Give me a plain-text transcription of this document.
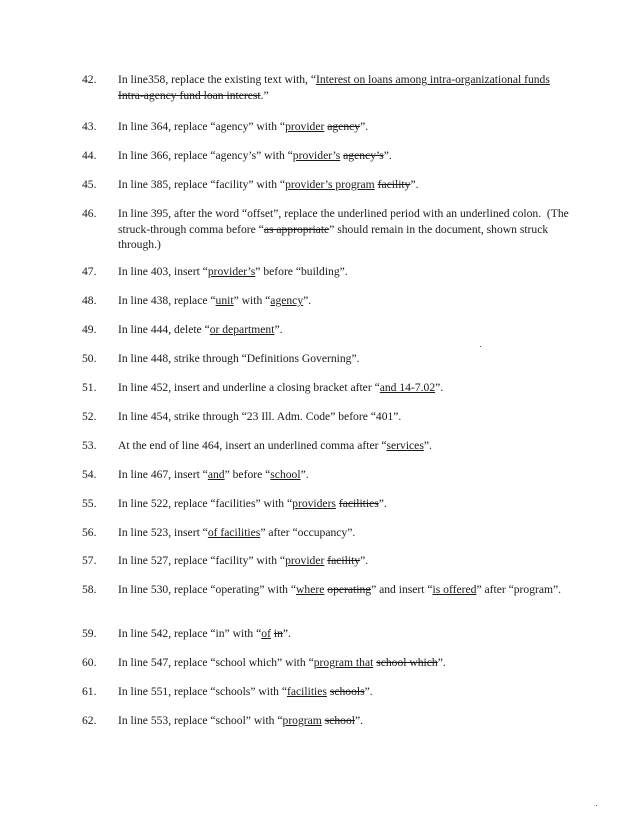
42.	In line358, replace the existing text with, “Interest on loans among intra-organizational funds Intra-agency fund loan interest.”
43.	In line 364, replace “agency” with “provider agency”.
44.	In line 366, replace “agency’s” with “provider’s agency’s”.
45.	In line 385, replace “facility” with “provider’s program facility”.
46.	In line 395, after the word “offset”, replace the underlined period with an underlined colon.  (The struck-through comma before “as appropriate” should remain in the document, shown struck through.)
47.	In line 403, insert “provider’s” before “building”.
48.	In line 438, replace “unit” with “agency”.
49.	In line 444, delete “or department”.
50.	In line 448, strike through “Definitions Governing”.
51.	In line 452, insert and underline a closing bracket after “and 14-7.02”.
52.	In line 454, strike through “23 Ill. Adm. Code” before “401”.
53.	At the end of line 464, insert an underlined comma after “services”.
54.	In line 467, insert “and” before “school”.
55.	In line 522, replace “facilities” with “providers facilities”.
56.	In line 523, insert “of facilities” after “occupancy”.
57.	In line 527, replace “facility” with “provider facility”.
58.	In line 530, replace “operating” with “where operating” and insert “is offered” after “program”.
59.	In line 542, replace “in” with “of in”.
60.	In line 547, replace “school which” with “program that school which”.
61.	In line 551, replace “schools” with “facilities schools”.
62.	In line 553, replace “school” with “program school”.
